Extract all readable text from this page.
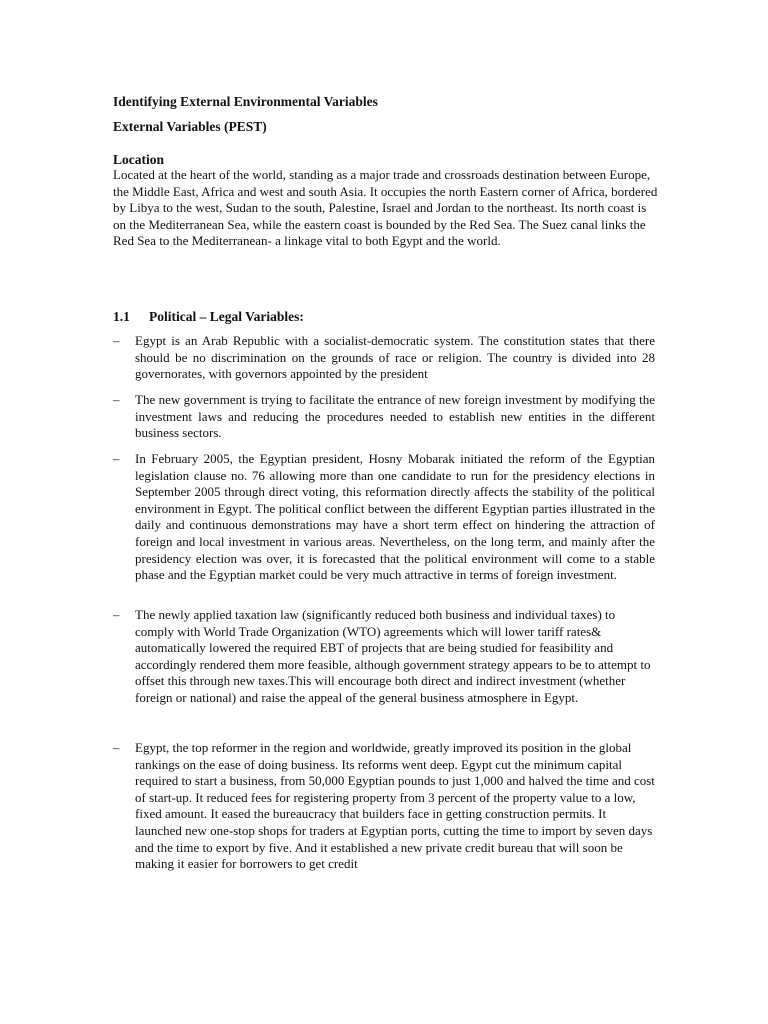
Identifying External Environmental Variables

External Variables (PEST)

Location

Located at the heart of the world, standing as a major trade and crossroads destination between Europe, the Middle East, Africa and west and south Asia. It occupies the north Eastern corner of Africa, bordered by Libya to the west, Sudan to the south, Palestine, Israel and Jordan to the northeast. Its north coast is on the Mediterranean Sea, while the eastern coast is bounded by the Red Sea. The Suez canal links the Red Sea to the Mediterranean- a linkage vital to both Egypt and the world.

1.1	Political – Legal Variables:
–	Egypt is an Arab Republic with a socialist-democratic system. The constitution states that there should be no discrimination on the grounds of race or religion. The country is divided into 28 governorates, with governors appointed by the president

–	The new government is trying to facilitate the entrance of new foreign investment by modifying the investment laws and reducing the procedures needed to establish new entities in the different business sectors.

–	In February 2005, the Egyptian president, Hosny Mobarak initiated the reform of the Egyptian legislation clause no. 76 allowing more than one candidate to run for the presidency elections in September 2005 through direct voting, this reformation directly affects the stability of the political environment in Egypt. The political conflict between the different Egyptian parties illustrated in the daily and continuous demonstrations may have a short term effect on hindering the attraction of foreign and local investment in various areas. Nevertheless, on the long term, and mainly after the presidency election was over, it is forecasted that the political environment will come to a stable phase and the Egyptian market could be very much attractive in terms of foreign investment.

–	The newly applied taxation law (significantly reduced both business and individual taxes) to comply with World Trade Organization (WTO) agreements which will lower tariff rates& automatically lowered the required EBT of projects that are being studied for feasibility and accordingly rendered them more feasible, although government strategy appears to be to attempt to offset this through new taxes.This will encourage both direct and indirect investment (whether foreign or national) and raise the appeal of the general business atmosphere in Egypt.

–	Egypt, the top reformer in the region and worldwide, greatly improved its position in the global rankings on the ease of doing business. Its reforms went deep. Egypt cut the minimum capital required to start a business, from 50,000 Egyptian pounds to just 1,000 and halved the time and cost of start-up. It reduced fees for registering property from 3 percent of the property value to a low, fixed amount. It eased the bureaucracy that builders face in getting construction permits. It launched new one-stop shops for traders at Egyptian ports, cutting the time to import by seven days and the time to export by five. And it established a new private credit bureau that will soon be making it easier for borrowers to get credit
